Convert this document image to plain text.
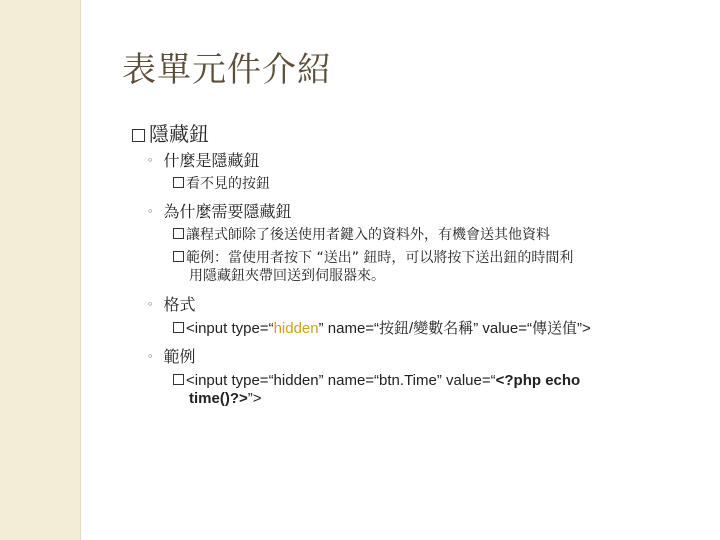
表單元件介紹
隱藏鈕
◦ 什麼是隱藏鈕
看不見的按鈕
◦ 為什麼需要隱藏鈕
讓程式師除了後送使用者鍵入的資料外，有機會送其他資料
範例：當使用者按下 “送出” 鈕時，可以將按下送出鈕的時間利
用隱藏鈕夾帶回送到伺服器來。
◦ 格式
<input type=“hidden” name=“按鈕/變數名稱” value=“傳送值”>
◦ 範例
<input type=“hidden” name=“btn.Time” value=“<?php echo
time()?>”>
